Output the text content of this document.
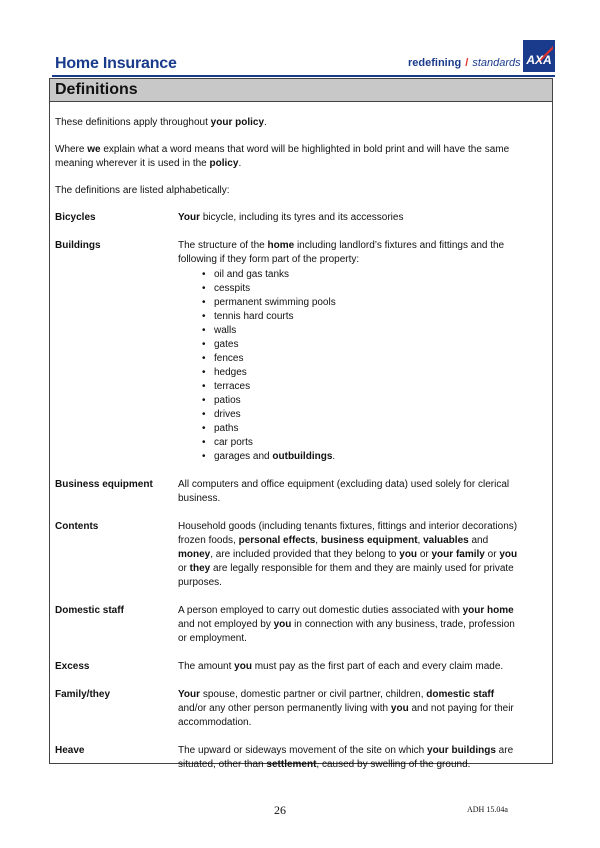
Home Insurance	redefining / standards AXA
Definitions

These definitions apply throughout your policy.

Where we explain what a word means that word will be highlighted in bold print and will have the same meaning wherever it is used in the policy.

The definitions are listed alphabetically:

Bicycles	Your bicycle, including its tyres and its accessories
Buildings	The structure of the home including landlord’s fixtures and fittings and the following if they form part of the property:
• oil and gas tanks
• cesspits
• permanent swimming pools
• tennis hard courts
• walls
• gates
• fences
• hedges
• terraces
• patios
• drives
• paths
• car ports
• garages and outbuildings.
Business equipment	All computers and office equipment (excluding data) used solely for clerical business.
Contents	Household goods (including tenants fixtures, fittings and interior decorations) frozen foods, personal effects, business equipment, valuables and money, are included provided that they belong to you or your family or you or they are legally responsible for them and they are mainly used for private purposes.
Domestic staff	A person employed to carry out domestic duties associated with your home and not employed by you in connection with any business, trade, profession or employment.
Excess	The amount you must pay as the first part of each and every claim made.
Family/they	Your spouse, domestic partner or civil partner, children, domestic staff and/or any other person permanently living with you and not paying for their accommodation.
Heave	The upward or sideways movement of the site on which your buildings are situated, other than settlement, caused by swelling of the ground.
26	ADH 15.04a
